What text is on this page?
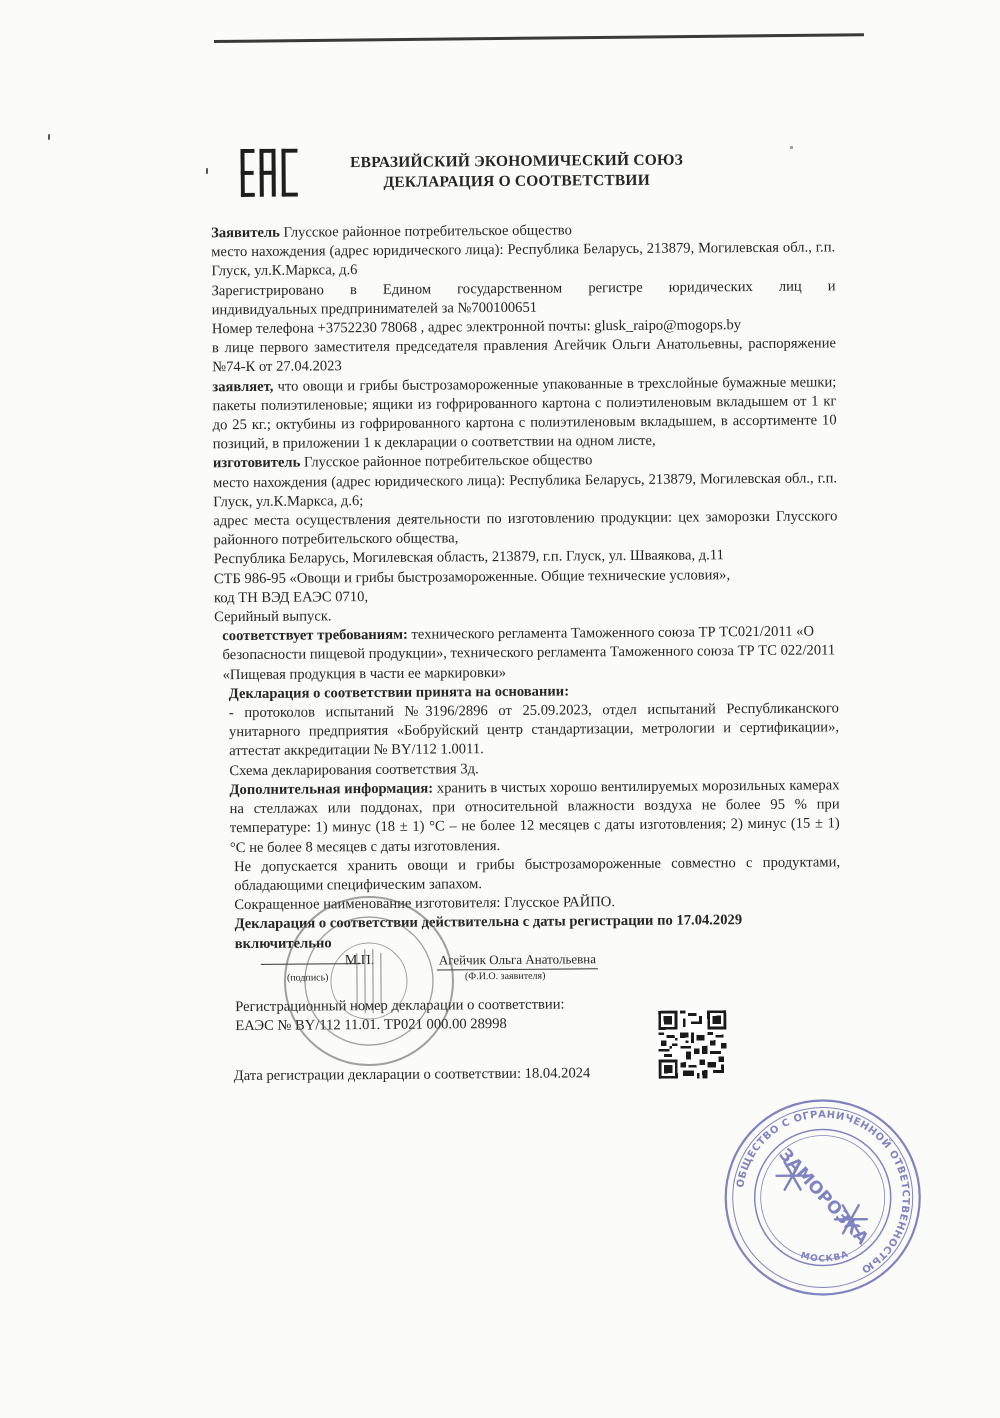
ЕВРАЗИЙСКИЙ ЭКОНОМИЧЕСКИЙ СОЮЗ
ДЕКЛАРАЦИЯ О СООТВЕТСТВИИ

Заявитель Глусское районное потребительское общество

место нахождения (адрес юридического лица): Республика Беларусь, 213879, Могилевская обл., г.п. Глуск, ул.К.Маркса, д.6

Зарегистрировано в Едином государственном регистре юридических лиц и

индивидуальных предпринимателей за №700100651

Номер телефона +3752230 78068 , адрес электронной почты: glusk_raipo@mogops.by

в лице первого заместителя председателя правления Агейчик Ольги Анатольевны, распоряжение №74-К от 27.04.2023

заявляет, что овощи и грибы быстрозамороженные упакованные в трехслойные бумажные мешки; пакеты полиэтиленовые; ящики из гофрированного картона с полиэтиленовым вкладышем от 1 кг до 25 кг.; октубины из гофрированного картона с полиэтиленовым вкладышем, в ассортименте 10 позиций, в приложении 1 к декларации о соответствии на одном листе,

изготовитель Глусское районное потребительское общество

место нахождения (адрес юридического лица): Республика Беларусь, 213879, Могилевская обл., г.п. Глуск, ул.К.Маркса, д.6;

адрес места осуществления деятельности по изготовлению продукции: цех заморозки Глусского районного потребительского общества,

Республика Беларусь, Могилевская область, 213879, г.п. Глуск, ул. Шваякова, д.11

СТБ 986-95 «Овощи и грибы быстрозамороженные. Общие технические условия»,

код ТН ВЭД ЕАЭС 0710,

Серийный выпуск.

соответствует требованиям: технического регламента Таможенного союза ТР ТС021/2011 «О безопасности пищевой продукции», технического регламента Таможенного союза ТР ТС 022/2011 «Пищевая продукция в части ее маркировки»

Декларация о соответствии принята на основании:

- протоколов испытаний №3196/2896 от 25.09.2023, отдел испытаний Республиканского унитарного предприятия «Бобруйский центр стандартизации, метрологии и сертификации», аттестат аккредитации № BY/112 1.0011.

Схема декларирования соответствия 3д.

Дополнительная информация: хранить в чистых хорошо вентилируемых морозильных камерах на стеллажах или поддонах, при относительной влажности воздуха не более 95 % при температуре: 1) минус (18 ± 1) °С – не более 12 месяцев с даты изготовления; 2) минус (15 ± 1) °С не более 8 месяцев с даты изготовления.

Не допускается хранить овощи и грибы быстрозамороженные совместно с продуктами, обладающими специфическим запахом.

Сокращенное наименование изготовителя: Глусское РАЙПО.

Декларация о соответствии действительна с даты регистрации по 17.04.2029 включительно

М.П.	Агейчик Ольга Анатольевна
(подпись)	(Ф.И.О. заявителя)

Регистрационный номер декларации о соответствии:

ЕАЭС № BY/112 11.01. ТР021 000.00 28998

Дата регистрации декларации о соответствии: 18.04.2024
ОБЩЕСТВО С ОГРАНИЧЕННОЙ ОТВЕТСТВЕННОСТЬЮ
МОСКВА
ЗАМОРОЗКА
